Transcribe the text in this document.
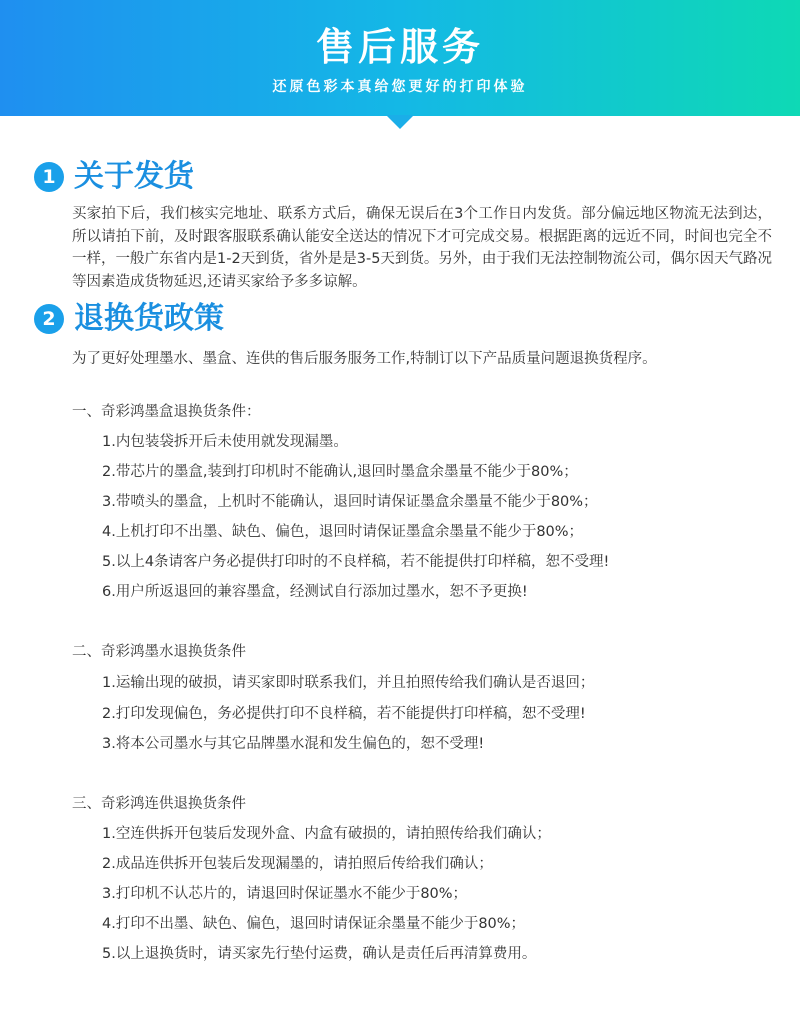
售后服务
还原色彩本真给您更好的打印体验
1 关于发货
买家拍下后，我们核实完地址、联系方式后，确保无误后在3个工作日内发货。部分偏远地区物流无法到达，所以请拍下前，及时跟客服联系确认能安全送达的情况下才可完成交易。根据距离的远近不同，时间也完全不一样，一般广东省内是1-2天到货，省外是是3-5天到货。另外，由于我们无法控制物流公司，偶尔因天气路况等因素造成货物延迟,还请买家给予多多谅解。
2 退换货政策
为了更好处理墨水、墨盒、连供的售后服务服务工作,特制订以下产品质量问题退换货程序。
一、奇彩鸿墨盒退换货条件：
1.内包装袋拆开后未使用就发现漏墨。
2.带芯片的墨盒,装到打印机时不能确认,退回时墨盒余墨量不能少于80%；
3.带喷头的墨盒，上机时不能确认，退回时请保证墨盒余墨量不能少于80%；
4.上机打印不出墨、缺色、偏色，退回时请保证墨盒余墨量不能少于80%；
5.以上4条请客户务必提供打印时的不良样稿，若不能提供打印样稿，恕不受理!
6.用户所返退回的兼容墨盒，经测试自行添加过墨水，恕不予更换!
二、奇彩鸿墨水退换货条件
1.运输出现的破损，请买家即时联系我们，并且拍照传给我们确认是否退回；
2.打印发现偏色，务必提供打印不良样稿，若不能提供打印样稿，恕不受理!
3.将本公司墨水与其它品牌墨水混和发生偏色的，恕不受理!
三、奇彩鸿连供退换货条件
1.空连供拆开包装后发现外盒、内盒有破损的，请拍照传给我们确认；
2.成品连供拆开包装后发现漏墨的，请拍照后传给我们确认；
3.打印机不认芯片的，请退回时保证墨水不能少于80%；
4.打印不出墨、缺色、偏色，退回时请保证余墨量不能少于80%；
5.以上退换货时，请买家先行垫付运费，确认是责任后再清算费用。
